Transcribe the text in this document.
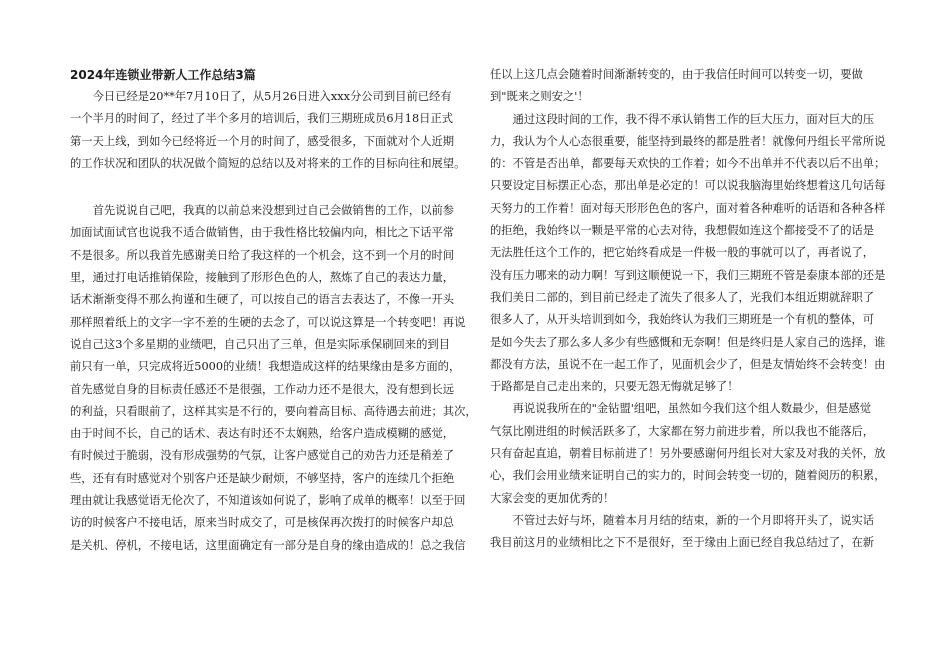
2024年连锁业带新人工作总结3篇
　　今日已经是20**年7月10日了，从5月26日进入xxx分公司到目前已经有
一个半月的时间了，经过了半个多月的培训后，我们三期班成员6月18日正式
第一天上线，到如今已经将近一个月的时间了，感受很多，下面就对个人近期
的工作状况和团队的状况做个简短的总结以及对将来的工作的目标向往和展望。
　　首先说说自己吧，我真的以前总来没想到过自己会做销售的工作，以前参
加面试面试官也说我不适合做销售，由于我性格比较偏内向，相比之下话平常
不是很多。所以我首先感谢美日给了我这样的一个机会，这不到一个月的时间
里，通过打电话推销保险，接触到了形形色色的人，熬炼了自己的表达力量，
话术渐渐变得不那么拘谨和生硬了，可以按自己的语言去表达了，不像一开头
那样照着纸上的文字一字不差的生硬的去念了，可以说这算是一个转变吧！再说
说自己这3个多星期的业绩吧，自己只出了三单，但是实际承保刷回来的到目
前只有一单，只完成将近5000的业绩！我想造成这样的结果缘由是多方面的，
首先感觉自身的目标责任感还不是很强，工作动力还不是很大，没有想到长远
的利益，只看眼前了，这样其实是不行的，要向着高目标、高待遇去前进；其次，
由于时间不长，自己的话术、表达有时还不太娴熟，给客户造成模糊的感觉，
有时候过于脆弱，没有形成强势的气氛，让客户感觉自己的劝告力还是稍差了
些，还有有时感觉对个别客户还是缺少耐烦，不够坚持，客户的连续几个拒绝
理由就让我感觉语无伦次了，不知道该如何说了，影响了成单的概率！以至于回
访的时候客户不接电话，原来当时成交了，可是核保再次拨打的时候客户却总
是关机、停机，不接电话，这里面确定有一部分是自身的缘由造成的！总之我信
任以上这几点会随着时间渐渐转变的，由于我信任时间可以转变一切，要做
到"既来之则安之'！
　　通过这段时间的工作，我不得不承认销售工作的巨大压力，面对巨大的压
力，我认为个人心态很重要，能坚持到最终的都是胜者！就像何丹组长平常所说
的：不管是否出单，都要每天欢快的工作着；如今不出单并不代表以后不出单；
只要设定目标摆正心态，那出单是必定的！可以说我脑海里始终想着这几句话每
天努力的工作着！面对每天形形色色的客户，面对着各种难听的话语和各种各样
的拒绝，我始终以一颗是平常的心去对待，我想假如连这个都接受不了的话是
无法胜任这个工作的，把它始终看成是一件极一般的事就可以了，再者说了，
没有压力哪来的动力啊！写到这顺便说一下，我们三期班不管是泰康本部的还是
我们美日二部的，到目前已经走了流失了很多人了，光我们本组近期就辞职了
很多人了，从开头培训到如今，我始终认为我们三期班是一个有机的整体，可
是如今失去了那么多人多少有些感慨和无奈啊！但是终归是人家自己的选择，谁
都没有方法，虽说不在一起工作了，见面机会少了，但是友情始终不会转变！由
于路都是自己走出来的，只要无怨无悔就足够了！
　　再说说我所在的"金钻盟'组吧，虽然如今我们这个组人数最少，但是感觉
气氛比刚进组的时候活跃多了，大家都在努力前进步着，所以我也不能落后，
只有奋起直追，朝着目标前进了！另外要感谢何丹组长对大家及对我的关怀，放
心，我们会用业绩来证明自己的实力的，时间会转变一切的，随着阅历的积累，
大家会变的更加优秀的！
　　不管过去好与坏，随着本月月结的结束，新的一个月即将开头了，说实话
我目前这月的业绩相比之下不是很好，至于缘由上面已经自我总结过了，在新
